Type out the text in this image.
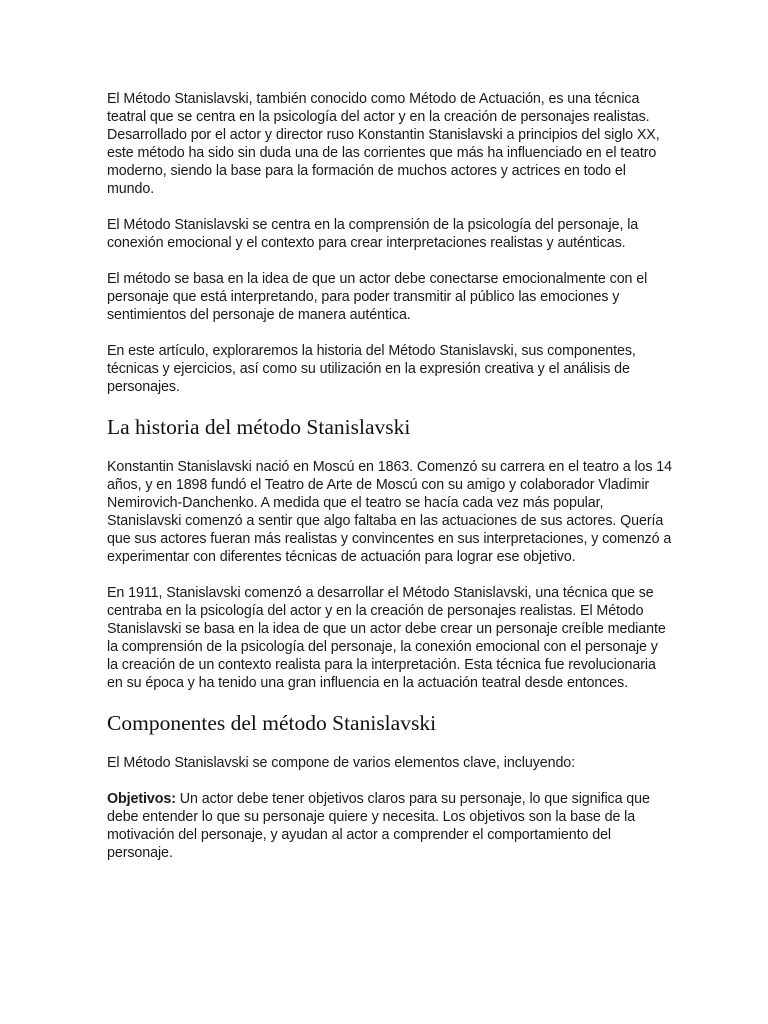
El Método Stanislavski, también conocido como Método de Actuación, es una técnica teatral que se centra en la psicología del actor y en la creación de personajes realistas. Desarrollado por el actor y director ruso Konstantin Stanislavski a principios del siglo XX, este método ha sido sin duda una de las corrientes que más ha influenciado en el teatro moderno, siendo la base para la formación de muchos actores y actrices en todo el mundo.

El Método Stanislavski se centra en la comprensión de la psicología del personaje, la conexión emocional y el contexto para crear interpretaciones realistas y auténticas.

El método se basa en la idea de que un actor debe conectarse emocionalmente con el personaje que está interpretando, para poder transmitir al público las emociones y sentimientos del personaje de manera auténtica.

En este artículo, exploraremos la historia del Método Stanislavski, sus componentes, técnicas y ejercicios, así como su utilización en la expresión creativa y el análisis de personajes.

La historia del método Stanislavski

Konstantin Stanislavski nació en Moscú en 1863. Comenzó su carrera en el teatro a los 14 años, y en 1898 fundó el Teatro de Arte de Moscú con su amigo y colaborador Vladimir Nemirovich-Danchenko. A medida que el teatro se hacía cada vez más popular, Stanislavski comenzó a sentir que algo faltaba en las actuaciones de sus actores. Quería que sus actores fueran más realistas y convincentes en sus interpretaciones, y comenzó a experimentar con diferentes técnicas de actuación para lograr ese objetivo.

En 1911, Stanislavski comenzó a desarrollar el Método Stanislavski, una técnica que se centraba en la psicología del actor y en la creación de personajes realistas. El Método Stanislavski se basa en la idea de que un actor debe crear un personaje creíble mediante la comprensión de la psicología del personaje, la conexión emocional con el personaje y la creación de un contexto realista para la interpretación. Esta técnica fue revolucionaria en su época y ha tenido una gran influencia en la actuación teatral desde entonces.

Componentes del método Stanislavski

El Método Stanislavski se compone de varios elementos clave, incluyendo:

Objetivos: Un actor debe tener objetivos claros para su personaje, lo que significa que debe entender lo que su personaje quiere y necesita. Los objetivos son la base de la motivación del personaje, y ayudan al actor a comprender el comportamiento del personaje.
